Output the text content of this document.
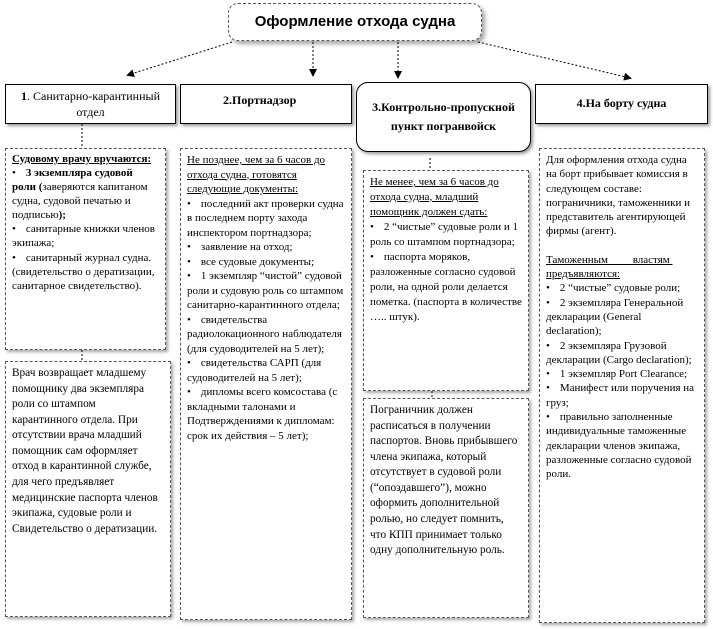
Оформление отхода судна
1. Санитарно-карантинный отдел
2.Портнадзор	3.Контрольно-пропускной пункт погранвойск
4.На борту судна

Судовому врачу вручаются:

• 3 экземпляра судовой роли (заверяются капитаном судна, судовой печатью и подписью);

• санитарные книжки членов экипажа;

• санитарный журнал судна. (свидетельство о дератизации, санитарное свидетельство).

Врач возвращает младшему помощнику два экземпляра роли со штампом карантинного отдела. При отсутствии врача младший помощник сам оформляет отход в карантинной службе, для чего предъявляет медицинские паспорта членов экипажа, судовые роли и Свидетельство о дератизации.

Не позднее, чем за 6 часов до отхода судна, готовятся следующие документы:

• последний акт проверки судна в последнем порту захода инспектором портнадзора;

• заявление на отход;

• все судовые документы;

• 1 экземпляр “чистой” судовой роли и судовую роль со штампом санитарно-карантинного отдела;

• свидетельства радиолокационного наблюдателя (для судоводителей на 5 лет);

• свидетельства САРП (для судоводителей на 5 лет);

• дипломы всего комсостава (с вкладными талонами и Подтверждениями к дипломам: срок их действия – 5 лет);

Не менее, чем за 6 часов до отхода судна, младший помощник должен сдать:

• 2 “чистые” судовые роли и 1 роль со штампом портнадзора;

• паспорта моряков, разложенные согласно судовой роли, на одной роли делается пометка. (паспорта в количестве ….. штук).

Пограничник должен расписаться в получении паспортов. Вновь прибывшего члена экипажа, который отсутствует в судовой роли (“опоздавшего”), можно оформить дополнительной ролью, но следует помнить, что КПП принимает только одну дополнительную роль.

Для оформления отхода судна на борт прибывает комиссия в следующем составе: пограничники, таможенники и представитель агентирующей фирмы (агент).

Таможенным         властям предъявляются:

• 2 “чистые” судовые роли;

• 2 экземпляра Генеральной декларации (General declaration);

• 2 экземпляра Грузовой декларации (Cargo declaration);

• 1 экземпляр Port Clearance;

• Манифест или поручения на груз;

• правильно заполненные индивидуальные таможенные декларации членов экипажа, разложенные согласно судовой роли.
